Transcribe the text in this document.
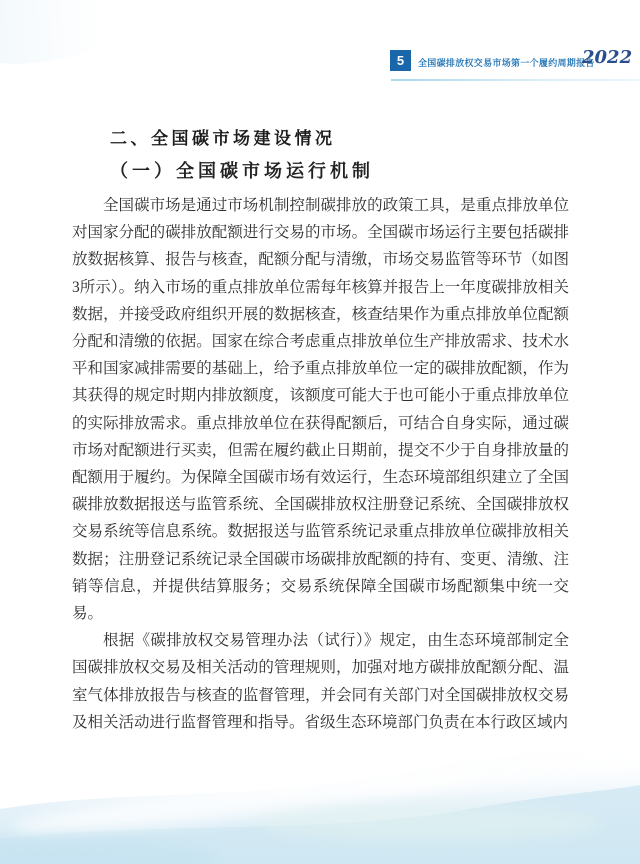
5	全国碳排放权交易市场第一个履约周期报告
2022
二、全国碳市场建设情况
（一）全国碳市场运行机制

全国碳市场是通过市场机制控制碳排放的政策工具，是重点排放单位对国家分配的碳排放配额进行交易的市场。全国碳市场运行主要包括碳排放数据核算、报告与核查，配额分配与清缴，市场交易监管等环节（如图3所示）。纳入市场的重点排放单位需每年核算并报告上一年度碳排放相关数据，并接受政府组织开展的数据核查，核查结果作为重点排放单位配额分配和清缴的依据。国家在综合考虑重点排放单位生产排放需求、技术水平和国家减排需要的基础上，给予重点排放单位一定的碳排放配额，作为其获得的规定时期内排放额度，该额度可能大于也可能小于重点排放单位的实际排放需求。重点排放单位在获得配额后，可结合自身实际，通过碳市场对配额进行买卖，但需在履约截止日期前，提交不少于自身排放量的配额用于履约。为保障全国碳市场有效运行，生态环境部组织建立了全国碳排放数据报送与监管系统、全国碳排放权注册登记系统、全国碳排放权交易系统等信息系统。数据报送与监管系统记录重点排放单位碳排放相关数据；注册登记系统记录全国碳市场碳排放配额的持有、变更、清缴、注销等信息，并提供结算服务；交易系统保障全国碳市场配额集中统一交易。

根据《碳排放权交易管理办法（试行）》规定，由生态环境部制定全国碳排放权交易及相关活动的管理规则，加强对地方碳排放配额分配、温室气体排放报告与核查的监督管理，并会同有关部门对全国碳排放权交易及相关活动进行监督管理和指导。省级生态环境部门负责在本行政区域内
